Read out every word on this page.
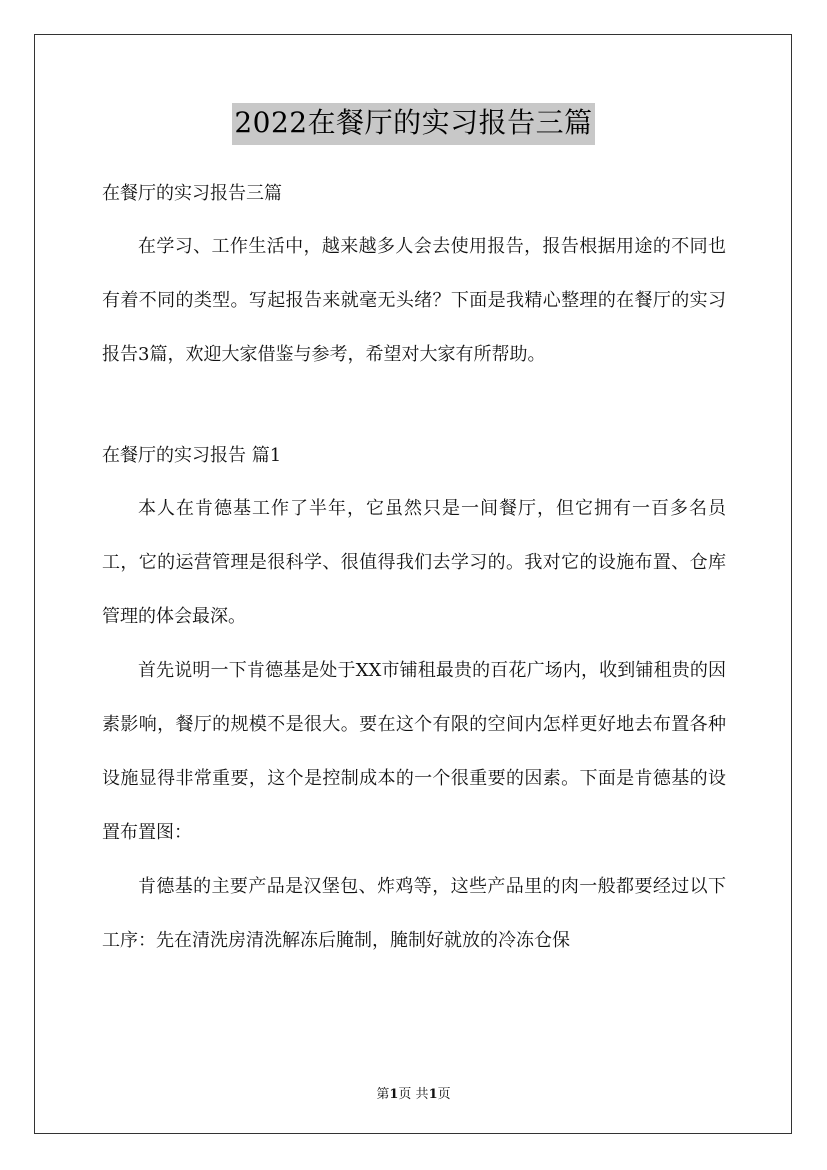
2022在餐厅的实习报告三篇

在餐厅的实习报告三篇

在学习、工作生活中，越来越多人会去使用报告，报告根据用途的不同也有着不同的类型。写起报告来就毫无头绪？下面是我精心整理的在餐厅的实习报告3篇，欢迎大家借鉴与参考，希望对大家有所帮助。

在餐厅的实习报告 篇1

本人在肯德基工作了半年，它虽然只是一间餐厅，但它拥有一百多名员工，它的运营管理是很科学、很值得我们去学习的。我对它的设施布置、仓库管理的体会最深。

首先说明一下肯德基是处于XX市铺租最贵的百花广场内，收到铺租贵的因素影响，餐厅的规模不是很大。要在这个有限的空间内怎样更好地去布置各种设施显得非常重要，这个是控制成本的一个很重要的因素。下面是肯德基的设置布置图：

肯德基的主要产品是汉堡包、炸鸡等，这些产品里的肉一般都要经过以下工序：先在清洗房清洗解冻后腌制，腌制好就放的冷冻仓保

第1页 共1页
